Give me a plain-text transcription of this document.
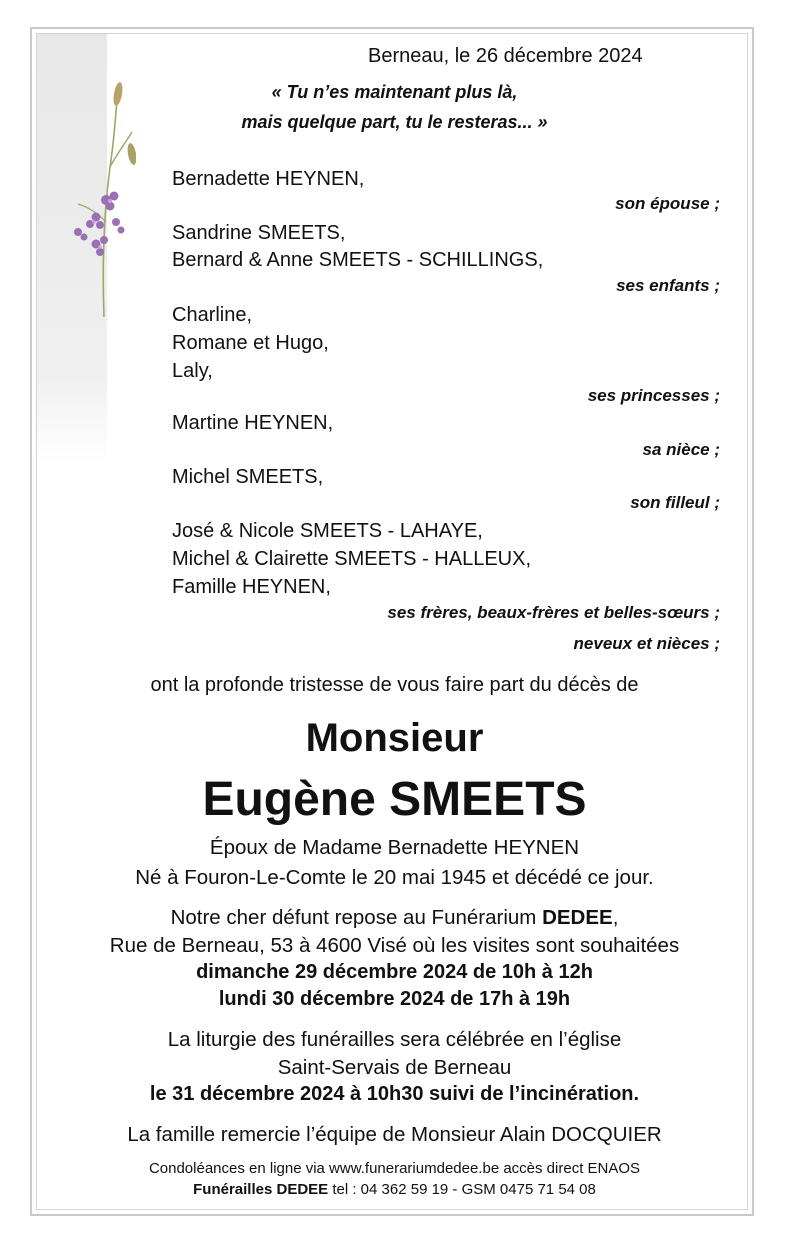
Berneau, le 26 décembre 2024
« Tu n’es maintenant plus là,
mais quelque part, tu le resteras... »
Bernadette HEYNEN,
son épouse ;
Sandrine SMEETS,
Bernard & Anne SMEETS - SCHILLINGS,
ses enfants ;
Charline,
Romane et Hugo,
Laly,
ses princesses ;
Martine HEYNEN,
sa nièce ;
Michel SMEETS,
son filleul ;
José & Nicole SMEETS - LAHAYE,
Michel & Clairette SMEETS - HALLEUX,
Famille HEYNEN,
ses frères, beaux-frères et belles-sœurs ;
neveux et nièces ;
ont la profonde tristesse de vous faire part du décès de
Monsieur
Eugène SMEETS
Époux de Madame Bernadette HEYNEN
Né à Fouron-Le-Comte le 20 mai 1945 et décédé ce jour.
Notre cher défunt repose au Funérarium DEDEE,
Rue de Berneau, 53 à 4600 Visé où les visites sont souhaitées
dimanche 29 décembre 2024 de 10h à 12h
lundi 30 décembre 2024 de 17h à 19h
La liturgie des funérailles sera célébrée en l’église
Saint-Servais de Berneau
le 31 décembre 2024 à 10h30 suivi de l’incinération.
La famille remercie l’équipe de Monsieur Alain DOCQUIER
Condoléances en ligne via www.funerariumdedee.be accès direct ENAOS
Funérailles DEDEE tel : 04 362 59 19 - GSM 0475 71 54 08
